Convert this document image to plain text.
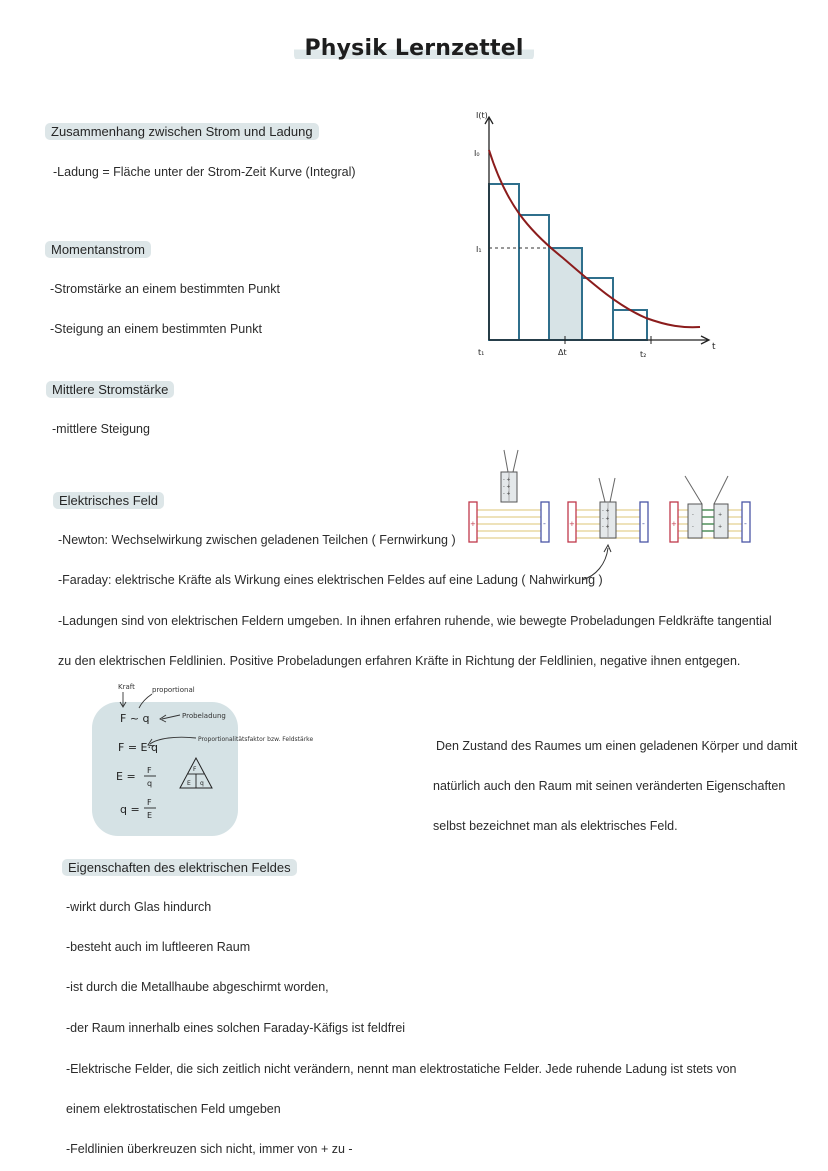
Physik Lernzettel
Zusammenhang zwischen Strom und Ladung
-Ladung = Fläche unter der Strom-Zeit Kurve (Integral)
Momentanstrom
-Stromstärke an einem bestimmten Punkt
-Steigung an einem bestimmten Punkt
Mittlere Stromstärke
-mittlere Steigung
I(t)
I₀
I₁
t₁	Δt	t₂
t
Elektrisches Feld
-Newton: Wechselwirkung zwischen geladenen Teilchen ( Fernwirkung )
-Faraday: elektrische Kräfte als Wirkung eines elektrischen Feldes auf eine Ladung ( Nahwirkung )
-Ladungen sind von elektrischen Feldern umgeben. In ihnen erfahren ruhende, wie bewegte Probeladungen Feldkräfte tangential zu den elektrischen Feldlinien. Positive Probeladungen erfahren Kräfte in Richtung der Feldlinien, negative ihnen entgegen.
+	-
- +
- +
- +
+	-
- +
- +
- +	+	-
-
-
+
+
Kraft proportional
Probeladung
Proportionalitätsfaktor bzw. Feldstärke
F ~ q
F = E·q
E = F
q
q =
F
E
F
E q
Den Zustand des Raumes um einen geladenen Körper und damit
natürlich auch den Raum mit seinen veränderten Eigenschaften
selbst bezeichnet man als elektrisches Feld.
Eigenschaften des elektrischen Feldes
-wirkt durch Glas hindurch
-besteht auch im luftleeren Raum
-ist durch die Metallhaube abgeschirmt worden,
-der Raum innerhalb eines solchen Faraday-Käfigs ist feldfrei
-Elektrische Felder, die sich zeitlich nicht verändern, nennt man elektrostatiche Felder. Jede ruhende Ladung ist stets von
einem elektrostatischen Feld umgeben
-Feldlinien überkreuzen sich nicht, immer von + zu -
